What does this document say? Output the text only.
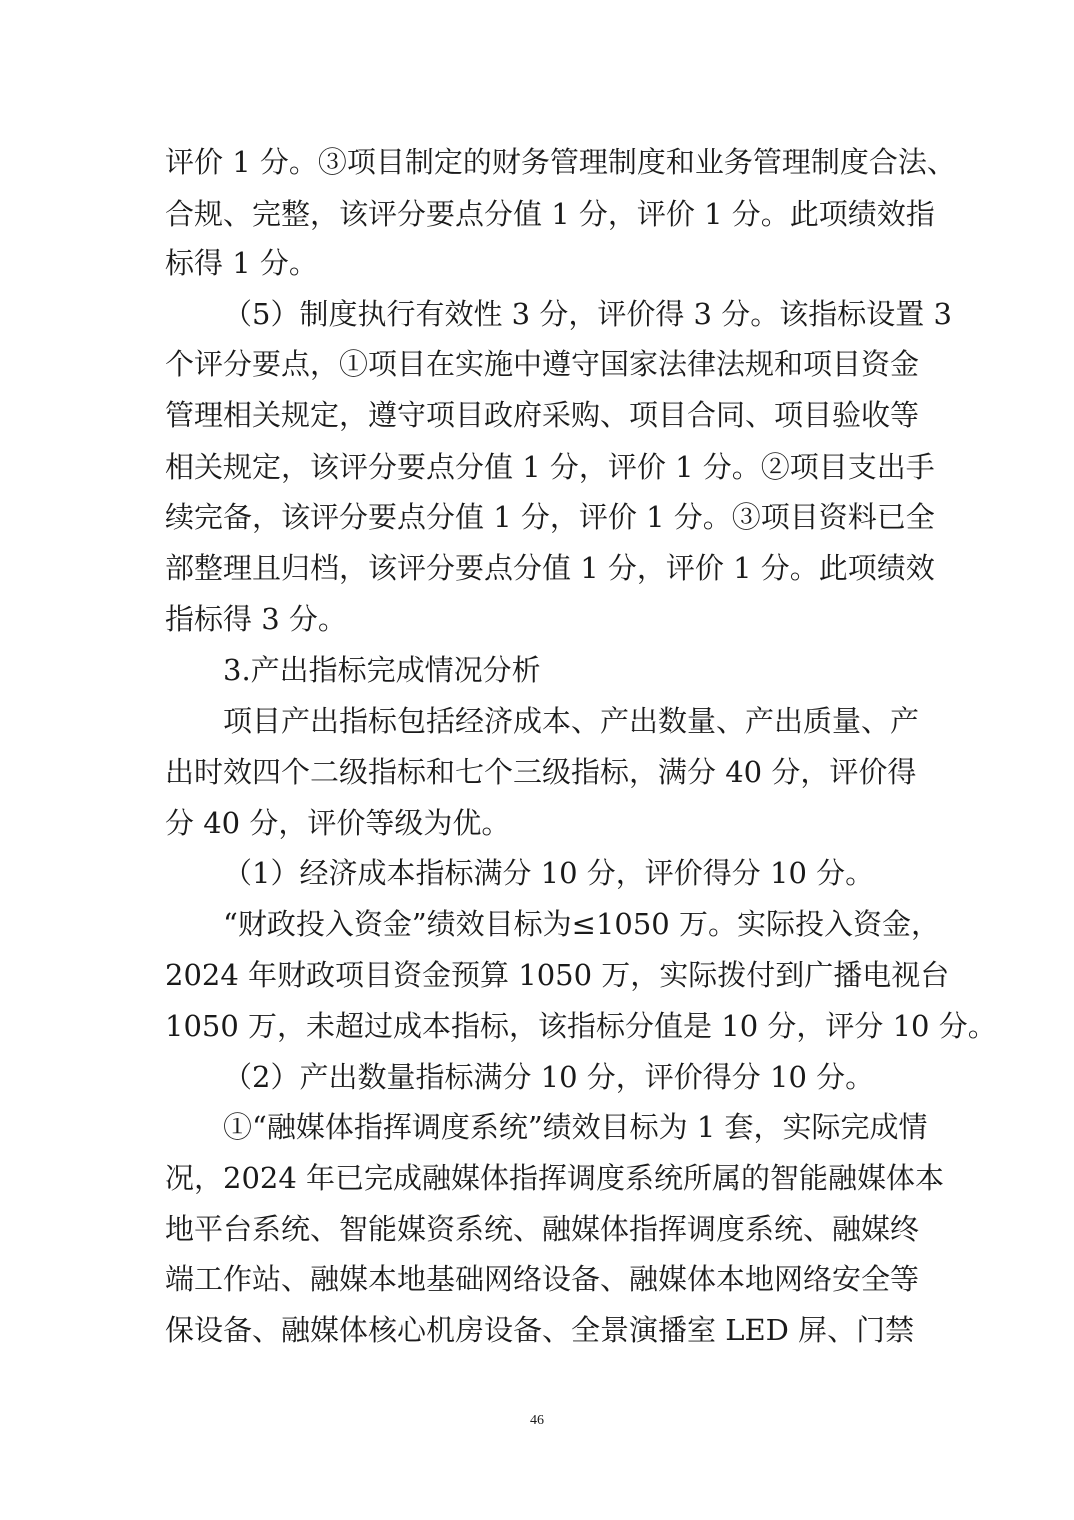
评价 1 分。③项目制定的财务管理制度和业务管理制度合法、
合规、完整，该评分要点分值 1 分，评价 1 分。此项绩效指
标得 1 分。
（5）制度执行有效性 3 分，评价得 3 分。该指标设置 3
个评分要点，①项目在实施中遵守国家法律法规和项目资金
管理相关规定，遵守项目政府采购、项目合同、项目验收等
相关规定，该评分要点分值 1 分，评价 1 分。②项目支出手
续完备，该评分要点分值 1 分，评价 1 分。③项目资料已全
部整理且归档，该评分要点分值 1 分，评价 1 分。此项绩效
指标得 3 分。
3.产出指标完成情况分析
项目产出指标包括经济成本、产出数量、产出质量、产
出时效四个二级指标和七个三级指标，满分 40 分，评价得
分 40 分，评价等级为优。
（1）经济成本指标满分 10 分，评价得分 10 分。
“财政投入资金”绩效目标为≤1050 万。实际投入资金，
2024 年财政项目资金预算 1050 万，实际拨付到广播电视台
1050 万，未超过成本指标，该指标分值是 10 分，评分 10 分。
（2）产出数量指标满分 10 分，评价得分 10 分。
①“融媒体指挥调度系统”绩效目标为 1 套，实际完成情
况，2024 年已完成融媒体指挥调度系统所属的智能融媒体本
地平台系统、智能媒资系统、融媒体指挥调度系统、融媒终
端工作站、融媒本地基础网络设备、融媒体本地网络安全等
保设备、融媒体核心机房设备、全景演播室 LED 屏、门禁
46
